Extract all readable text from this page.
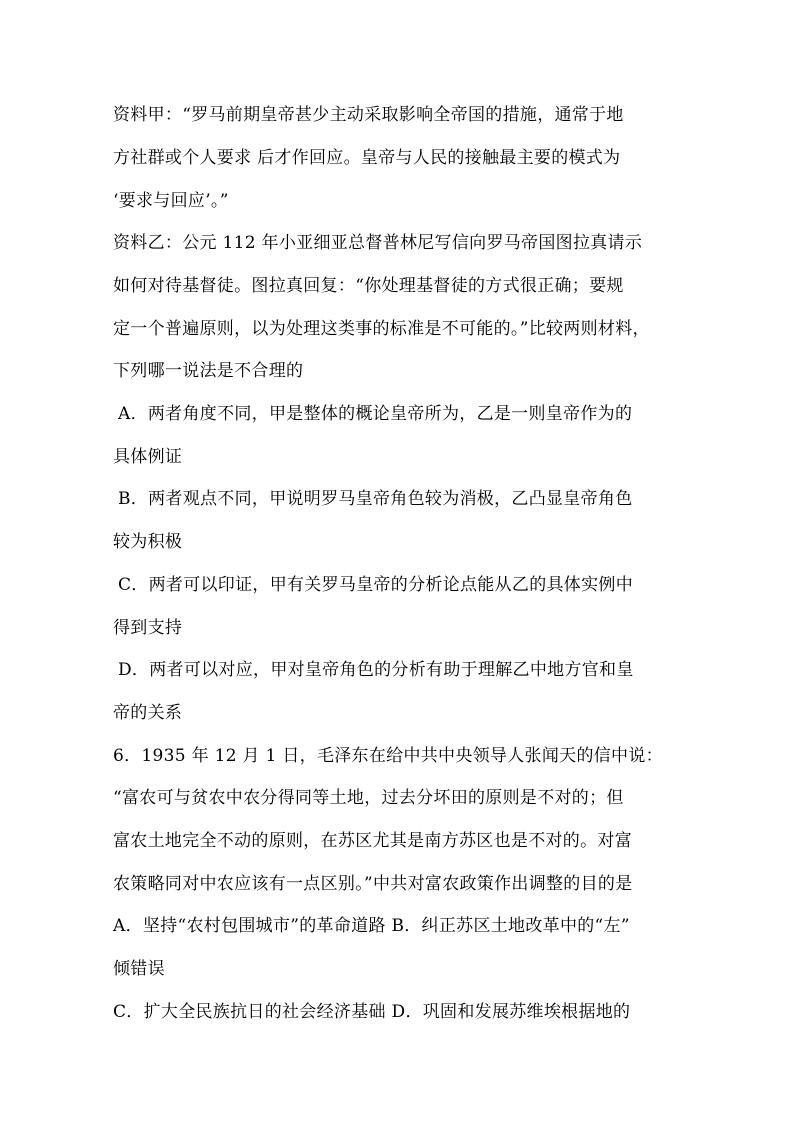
资料甲：“罗马前期皇帝甚少主动采取影响全帝国的措施，通常于地
方社群或个人要求 后才作回应。皇帝与人民的接触最主要的模式为
‘要求与回应’。”
资料乙：公元 112 年小亚细亚总督普林尼写信向罗马帝国图拉真请示
如何对待基督徒。图拉真回复：“你处理基督徒的方式很正确；要规
定一个普遍原则，以为处理这类事的标准是不可能的。”比较两则材料，
下列哪一说法是不合理的
A．两者角度不同，甲是整体的概论皇帝所为，乙是一则皇帝作为的
具体例证
B．两者观点不同，甲说明罗马皇帝角色较为消极，乙凸显皇帝角色
较为积极
C．两者可以印证，甲有关罗马皇帝的分析论点能从乙的具体实例中
得到支持
D．两者可以对应，甲对皇帝角色的分析有助于理解乙中地方官和皇
帝的关系
6．1935 年 12 月 1 日，毛泽东在给中共中央领导人张闻天的信中说：
“富农可与贫农中农分得同等土地，过去分坏田的原则是不对的；但
富农土地完全不动的原则，在苏区尤其是南方苏区也是不对的。对富
农策略同对中农应该有一点区别。”中共对富农政策作出调整的目的是
A．坚持“农村包围城市”的革命道路 B．纠正苏区土地改革中的“左”
倾错误
C．扩大全民族抗日的社会经济基础 D．巩固和发展苏维埃根据地的
